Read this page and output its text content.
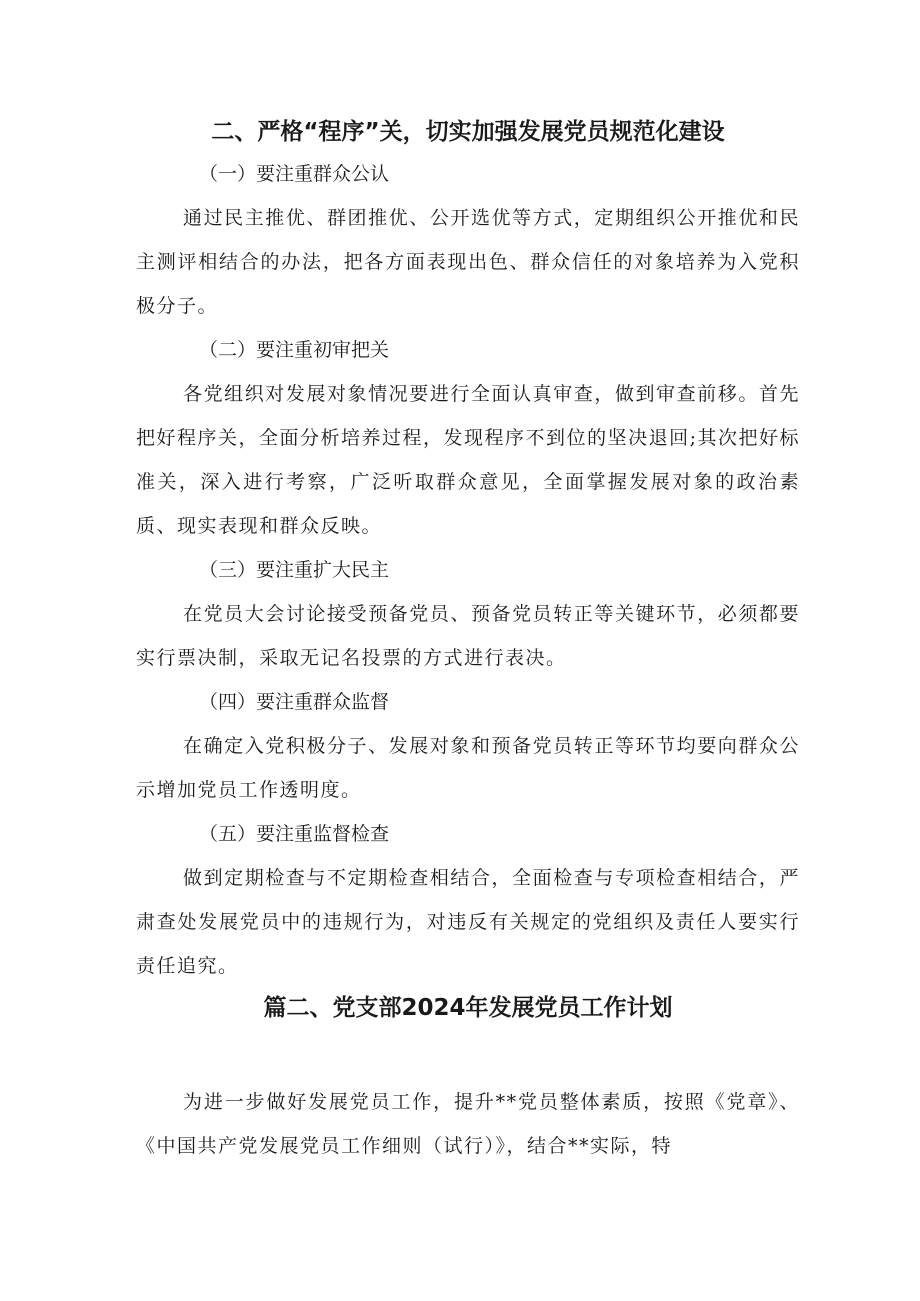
二、严格“程序”关，切实加强发展党员规范化建设
（一）要注重群众公认

通过民主推优、群团推优、公开选优等方式，定期组织公开推优和民主测评相结合的办法，把各方面表现出色、群众信任的对象培养为入党积极分子。

（二）要注重初审把关

各党组织对发展对象情况要进行全面认真审查，做到审查前移。首先把好程序关，全面分析培养过程，发现程序不到位的坚决退回;其次把好标准关，深入进行考察，广泛听取群众意见，全面掌握发展对象的政治素质、现实表现和群众反映。

（三）要注重扩大民主

在党员大会讨论接受预备党员、预备党员转正等关键环节，必须都要实行票决制，采取无记名投票的方式进行表决。

（四）要注重群众监督

在确定入党积极分子、发展对象和预备党员转正等环节均要向群众公示增加党员工作透明度。

（五）要注重监督检查

做到定期检查与不定期检查相结合，全面检查与专项检查相结合，严肃查处发展党员中的违规行为，对违反有关规定的党组织及责任人要实行责任追究。

篇二、党支部2024年发展党员工作计划

为进一步做好发展党员工作，提升**党员整体素质，按照《党章》、《中国共产党发展党员工作细则（试行）》，结合**实际，特
